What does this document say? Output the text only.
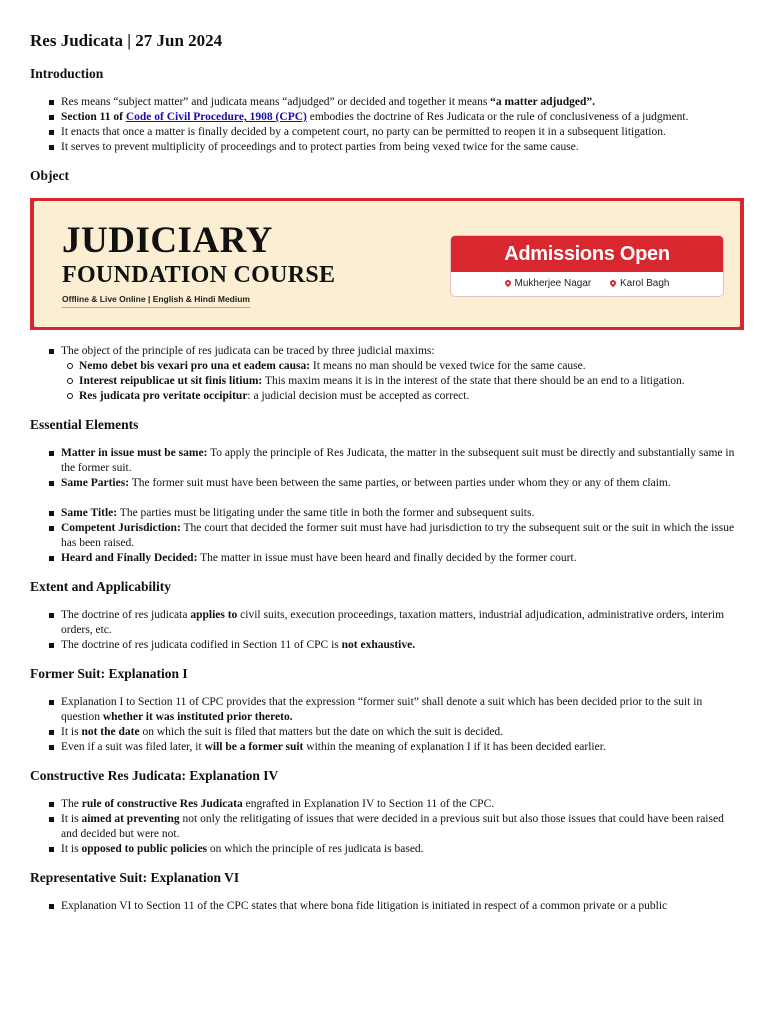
Res Judicata | 27 Jun 2024
Introduction
Res means “subject matter” and judicata means “adjudged” or decided and together it means “a matter adjudged”.
Section 11 of Code of Civil Procedure, 1908 (CPC) embodies the doctrine of Res Judicata or the rule of conclusiveness of a judgment.
It enacts that once a matter is finally decided by a competent court, no party can be permitted to reopen it in a subsequent litigation.
It serves to prevent multiplicity of proceedings and to protect parties from being vexed twice for the same cause.
Object
JUDICIARY
FOUNDATION COURSE
Offline & Live Online | English & Hindi Medium
Admissions Open
Mukherjee Nagar	Karol Bagh
The object of the principle of res judicata can be traced by three judicial maxims:
Nemo debet bis vexari pro una et eadem causa: It means no man should be vexed twice for the same cause.
Interest reipublicae ut sit finis litium: This maxim means it is in the interest of the state that there should be an end to a litigation.
Res judicata pro veritate occipitur: a judicial decision must be accepted as correct.
Essential Elements
Matter in issue must be same: To apply the principle of Res Judicata, the matter in the subsequent suit must be directly and substantially same in the former suit.
Same Parties: The former suit must have been between the same parties, or between parties under whom they or any of them claim.
Same Title: The parties must be litigating under the same title in both the former and subsequent suits.
Competent Jurisdiction: The court that decided the former suit must have had jurisdiction to try the subsequent suit or the suit in which the issue has been raised.
Heard and Finally Decided: The matter in issue must have been heard and finally decided by the former court.
Extent and Applicability
The doctrine of res judicata applies to civil suits, execution proceedings, taxation matters, industrial adjudication, administrative orders, interim orders, etc.
The doctrine of res judicata codified in Section 11 of CPC is not exhaustive.
Former Suit: Explanation I
Explanation I to Section 11 of CPC provides that the expression “former suit” shall denote a suit which has been decided prior to the suit in question whether it was instituted prior thereto.
It is not the date on which the suit is filed that matters but the date on which the suit is decided.
Even if a suit was filed later, it will be a former suit within the meaning of explanation I if it has been decided earlier.
Constructive Res Judicata: Explanation IV
The rule of constructive Res Judicata engrafted in Explanation IV to Section 11 of the CPC.
It is aimed at preventing not only the relitigating of issues that were decided in a previous suit but also those issues that could have been raised and decided but were not.
It is opposed to public policies on which the principle of res judicata is based.
Representative Suit: Explanation VI
Explanation VI to Section 11 of the CPC states that where bona fide litigation is initiated in respect of a common private or a public
